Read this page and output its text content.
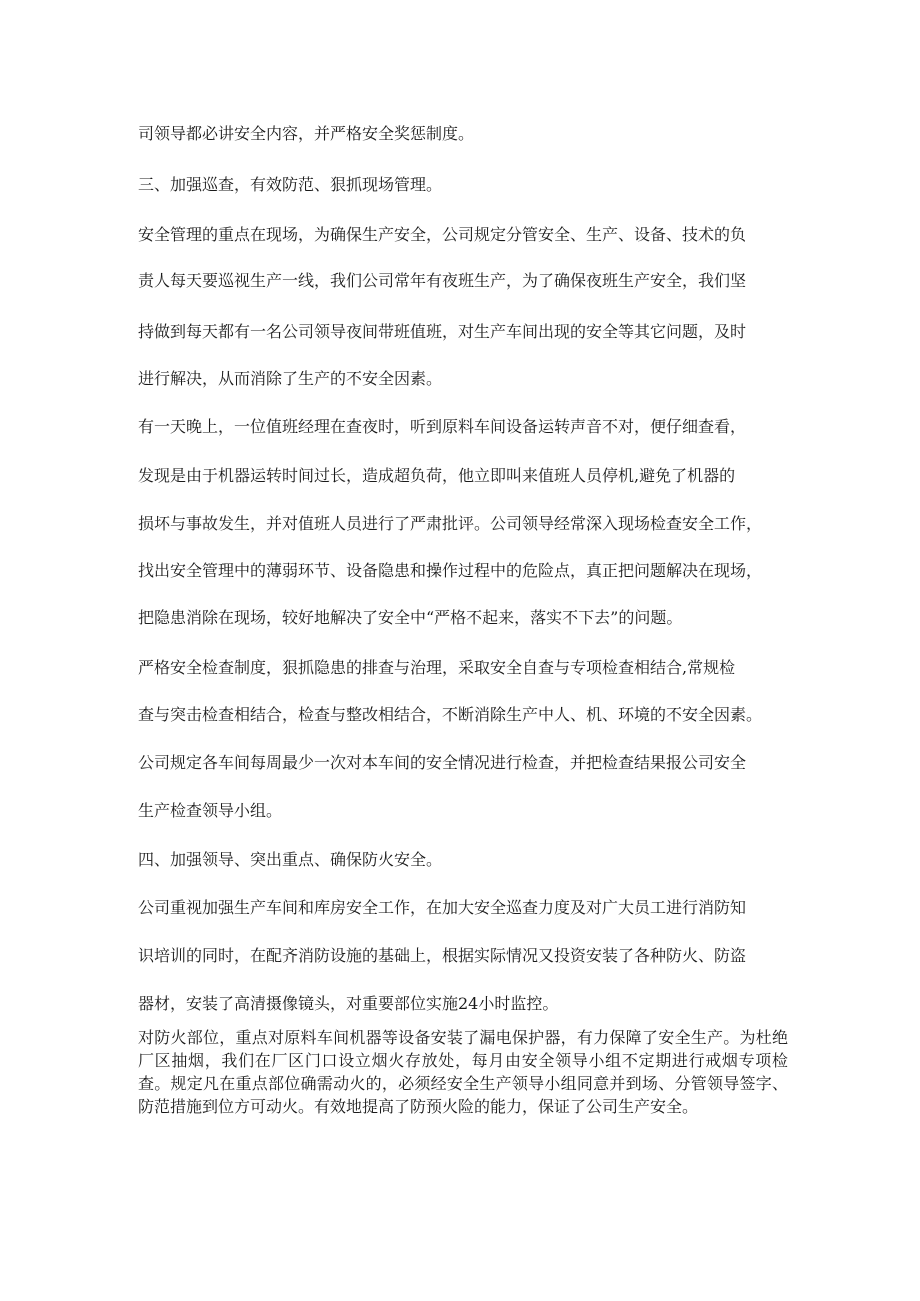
司领导都必讲安全内容，并严格安全奖惩制度。

三、加强巡查，有效防范、狠抓现场管理。

安全管理的重点在现场，为确保生产安全，公司规定分管安全、生产、设备、技术的负

责人每天要巡视生产一线，我们公司常年有夜班生产，为了确保夜班生产安全，我们坚

持做到每天都有一名公司领导夜间带班值班，对生产车间出现的安全等其它问题，及时

进行解决，从而消除了生产的不安全因素。

有一天晚上，一位值班经理在查夜时，听到原料车间设备运转声音不对，便仔细查看，

发现是由于机器运转时间过长，造成超负荷，他立即叫来值班人员停机,避免了机器的

损坏与事故发生，并对值班人员进行了严肃批评。公司领导经常深入现场检查安全工作，

找出安全管理中的薄弱环节、设备隐患和操作过程中的危险点，真正把问题解决在现场，

把隐患消除在现场，较好地解决了安全中“严格不起来，落实不下去”的问题。

严格安全检查制度，狠抓隐患的排查与治理，采取安全自查与专项检查相结合,常规检

查与突击检查相结合，检查与整改相结合，不断消除生产中人、机、环境的不安全因素。

公司规定各车间每周最少一次对本车间的安全情况进行检查，并把检查结果报公司安全

生产检查领导小组。

四、加强领导、突出重点、确保防火安全。

公司重视加强生产车间和库房安全工作，在加大安全巡查力度及对广大员工进行消防知

识培训的同时，在配齐消防设施的基础上，根据实际情况又投资安装了各种防火、防盗

器材，安装了高清摄像镜头，对重要部位实施24小时监控。

对防火部位，重点对原料车间机器等设备安装了漏电保护器，有力保障了安全生产。为杜绝厂区抽烟，我们在厂区门口设立烟火存放处，每月由安全领导小组不定期进行戒烟专项检查。规定凡在重点部位确需动火的，必须经安全生产领导小组同意并到场、分管领导签字、防范措施到位方可动火。有效地提高了防预火险的能力，保证了公司生产安全。
